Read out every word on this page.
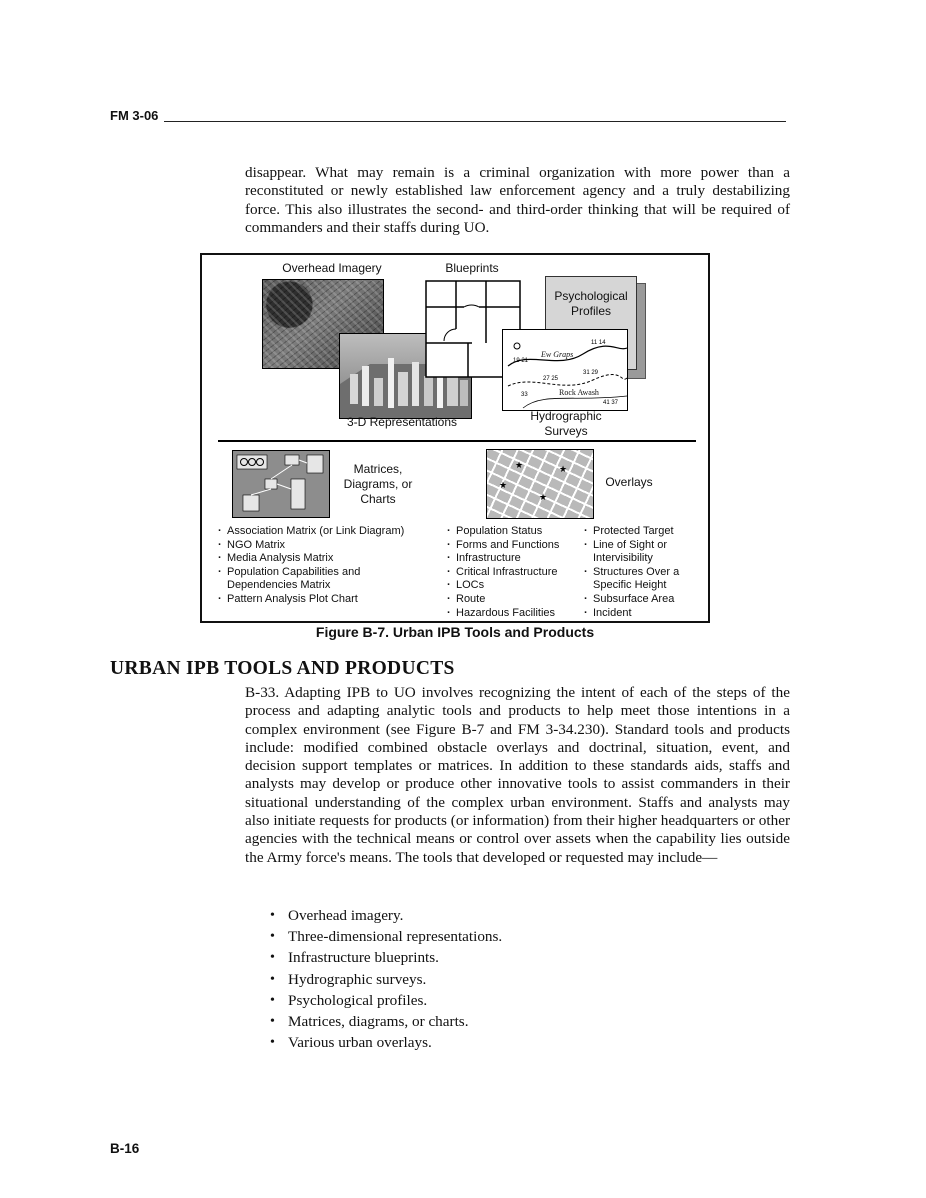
FM 3-06
disappear. What may remain is a criminal organization with more power than a reconstituted or newly established law enforcement agency and a truly destabilizing force. This also illustrates the second- and third-order thinking that will be required of commanders and their staffs during UO.
Overhead Imagery	Blueprints
Psychological
Profiles
19 21
11 14
27 25
31 29
33
41 37
Ew Graps
Rock Awash
3-D Representations	Hydrographic
Surveys
Matrices,
Diagrams, or
Charts
★	★
★
★
Overlays
· Association Matrix (or Link Diagram)
· NGO Matrix
· Media Analysis Matrix
· Population Capabilities and Dependencies Matrix
· Pattern Analysis Plot Chart
· Population Status
· Forms and Functions
· Infrastructure
· Critical Infrastructure
· LOCs
· Route
· Hazardous Facilities
· Protected Target
· Line of Sight or Intervisibility
· Structures Over a Specific Height
· Subsurface Area
· Incident
Figure B-7. Urban IPB Tools and Products
URBAN IPB TOOLS AND PRODUCTS
B-33. Adapting IPB to UO involves recognizing the intent of each of the steps of the process and adapting analytic tools and products to help meet those intentions in a complex environment (see Figure B-7 and FM 3-34.230). Standard tools and products include: modified combined obstacle overlays and doctrinal, situation, event, and decision support templates or matrices. In addition to these standards aids, staffs and analysts may develop or produce other innovative tools to assist commanders in their situational understanding of the complex urban environment. Staffs and analysts may also initiate requests for products (or information) from their higher headquarters or other agencies with the technical means or control over assets when the capability lies outside the Army force's means. The tools that developed or requested may include—
• Overhead imagery.
• Three-dimensional representations.
• Infrastructure blueprints.
• Hydrographic surveys.
• Psychological profiles.
• Matrices, diagrams, or charts.
• Various urban overlays.
B-16
